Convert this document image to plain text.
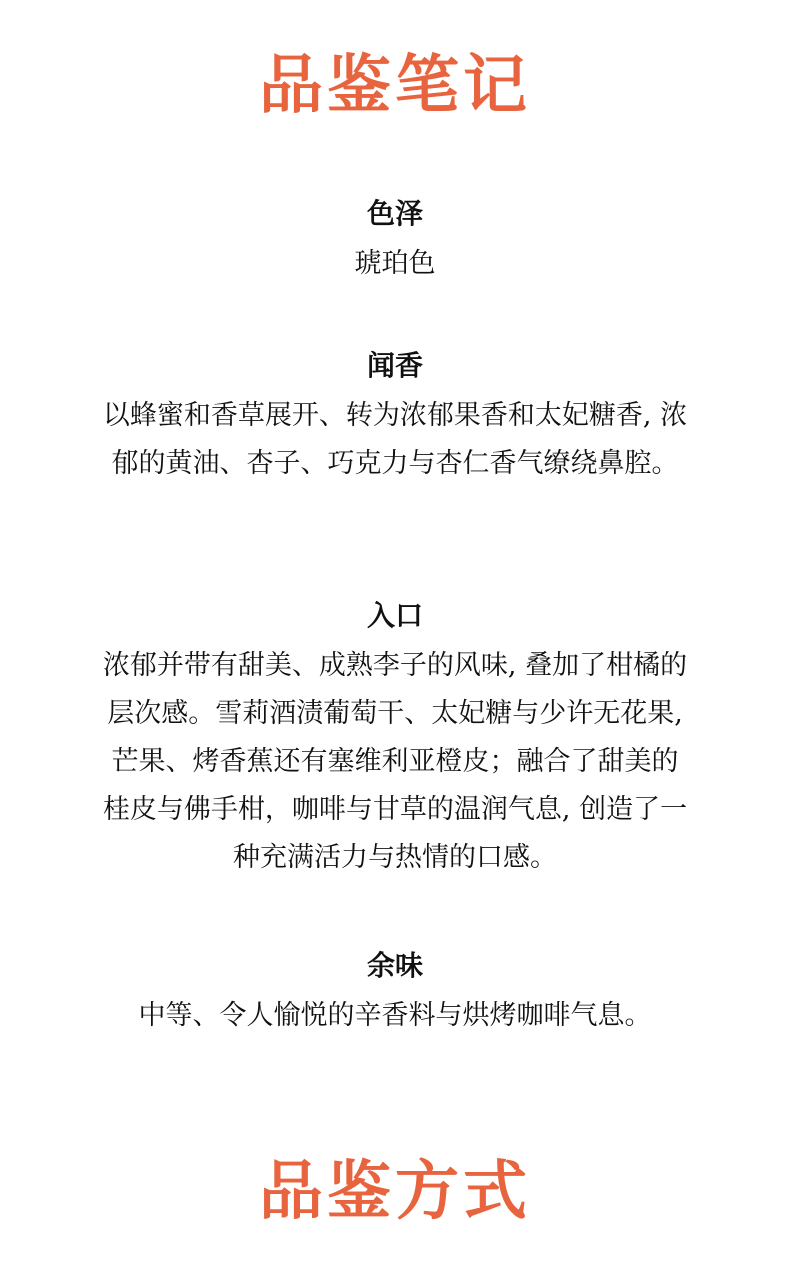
品鉴笔记
色泽

琥珀色

闻香

以蜂蜜和香草展开、转为浓郁果香和太妃糖香, 浓郁的黄油、杏子、巧克力与杏仁香气缭绕鼻腔。

入口

浓郁并带有甜美、成熟李子的风味, 叠加了柑橘的层次感。雪莉酒渍葡萄干、太妃糖与少许无花果, 芒果、烤香蕉还有塞维利亚橙皮；融合了甜美的桂皮与佛手柑，咖啡与甘草的温润气息, 创造了一种充满活力与热情的口感。

余味

中等、令人愉悦的辛香料与烘烤咖啡气息。

品鉴方式
